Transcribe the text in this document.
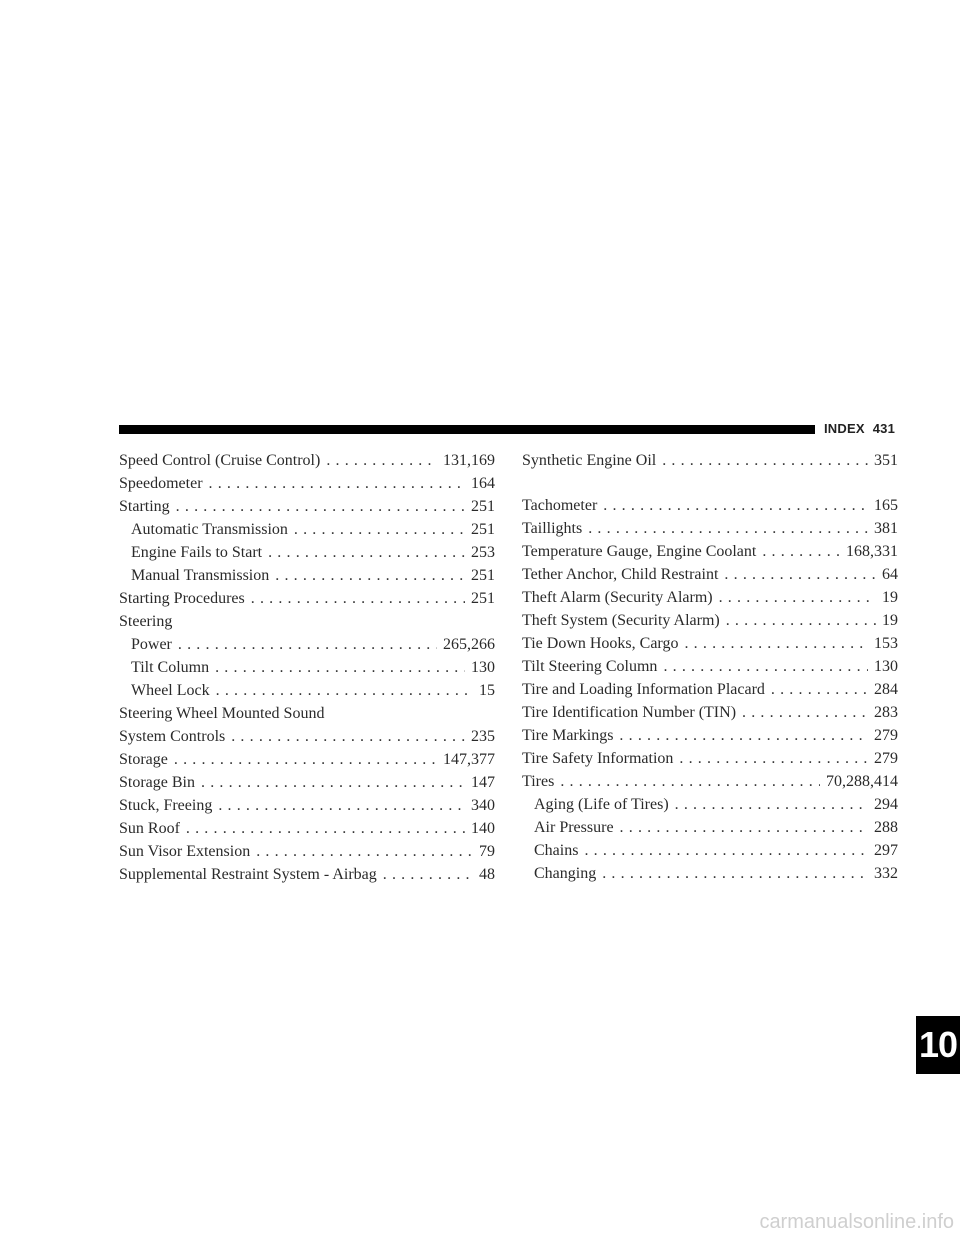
INDEX 431
Speed Control (Cruise Control) . . .	131,169
Speedometer . . .	164
Starting . . .	251
Automatic Transmission . . .	251
Engine Fails to Start . . .	253
Manual Transmission . . .	251
Starting Procedures . . .	251
Steering
Power . . .	265,266
Tilt Column . . .	130
Wheel Lock . . .	15
Steering Wheel Mounted Sound
System Controls . . .	235
Storage . . .	147,377
Storage Bin . . .	147
Stuck, Freeing . . .	340
Sun Roof . . .	140
Sun Visor Extension . . .	79
Supplemental Restraint System - Airbag . . .	48
Synthetic Engine Oil . . .	351
Tachometer . . .	165
Taillights . . .	381
Temperature Gauge, Engine Coolant . . .	168,331
Tether Anchor, Child Restraint . . .	64
Theft Alarm (Security Alarm) . . .	19
Theft System (Security Alarm) . . .	19
Tie Down Hooks, Cargo . . .	153
Tilt Steering Column . . .	130
Tire and Loading Information Placard . . .	284
Tire Identification Number (TIN) . . .	283
Tire Markings . . .	279
Tire Safety Information . . .	279
Tires . . .	70,288,414
Aging (Life of Tires) . . .	294
Air Pressure . . .	288
Chains . . .	297
Changing . . .	332
10
carmanualsonline.info
